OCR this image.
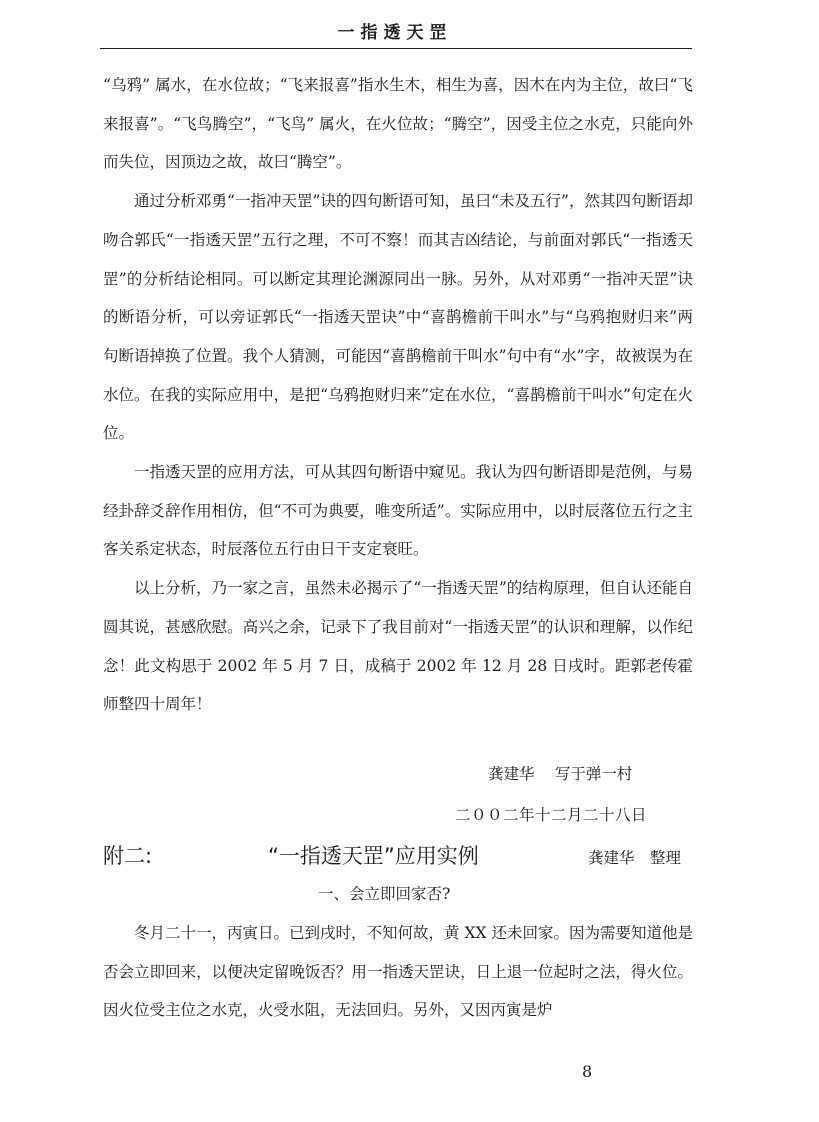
一指透天罡

“乌鸦” 属水，在水位故；“飞来报喜”指水生木，相生为喜，因木在内为主位，故曰“飞来报喜”。“飞鸟腾空”，“飞鸟” 属火，在火位故；“腾空”，因受主位之水克，只能向外而失位，因顶边之故，故曰“腾空”。

通过分析邓勇“一指冲天罡”诀的四句断语可知，虽曰“未及五行”，然其四句断语却吻合郭氏“一指透天罡”五行之理，不可不察！而其吉凶结论，与前面对郭氏“一指透天罡”的分析结论相同。可以断定其理论渊源同出一脉。另外，从对邓勇“一指冲天罡”诀的断语分析，可以旁证郭氏“一指透天罡诀”中“喜鹊檐前干叫水”与“乌鸦抱财归来”两句断语掉换了位置。我个人猜测，可能因“喜鹊檐前干叫水”句中有“水”字，故被误为在水位。在我的实际应用中，是把“乌鸦抱财归来”定在水位，“喜鹊檐前干叫水”句定在火位。

一指透天罡的应用方法，可从其四句断语中窥见。我认为四句断语即是范例，与易经卦辞爻辞作用相仿，但“不可为典要，唯变所适”。实际应用中，以时辰落位五行之主客关系定状态，时辰落位五行由日干支定衰旺。

以上分析，乃一家之言，虽然未必揭示了“一指透天罡”的结构原理，但自认还能自圆其说，甚感欣慰。高兴之余，记录下了我目前对“一指透天罡”的认识和理解，以作纪念！此文构思于 2002 年 5 月 7 日，成稿于 2002 年 12 月 28 日戌时。距郭老传霍师整四十周年！

龚建华　 写于弹一村
二００二年十二月二十八日
附二:	“一指透天罡”应用实例	龚建华　整理
一、会立即回家否?
冬月二十一，丙寅日。已到戌时，不知何故，黄 XX 还未回家。因为需要知道他是否会立即回来，以便决定留晚饭否？用一指透天罡诀，日上退一位起时之法，得火位。因火位受主位之水克，火受水阻，无法回归。另外，又因丙寅是炉
8
